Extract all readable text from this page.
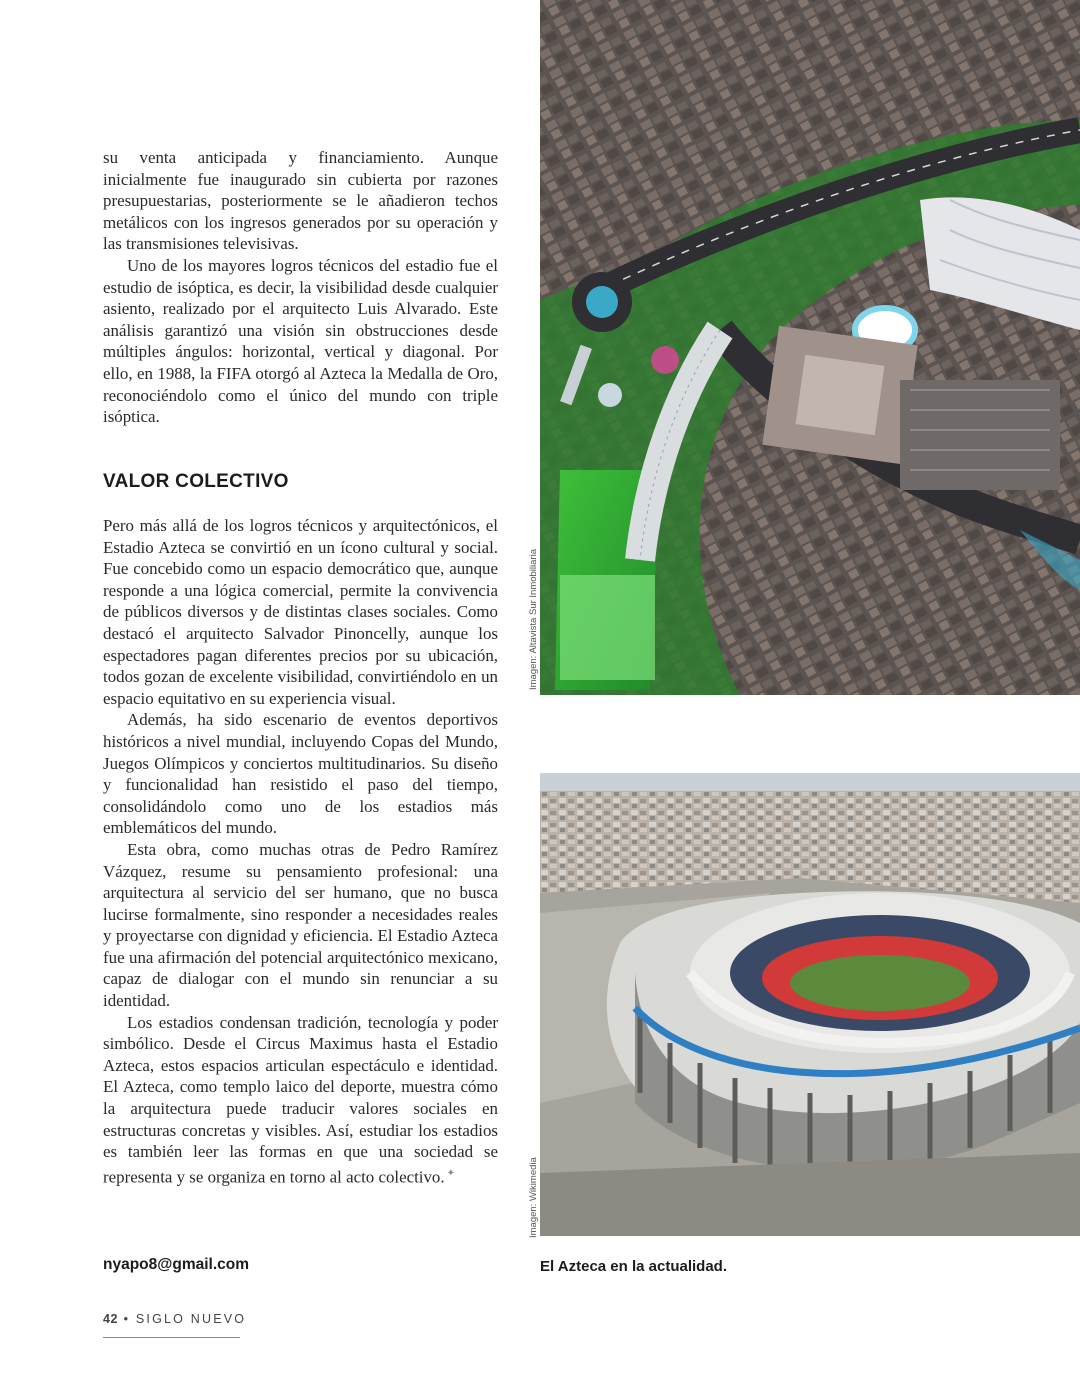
su venta anticipada y financiamiento. Aunque inicialmente fue inaugurado sin cubierta por razones presupuestarias, posteriormente se le añadieron techos metálicos con los ingresos generados por su operación y las transmisiones televisivas.

Uno de los mayores logros técnicos del estadio fue el estudio de isóptica, es decir, la visibilidad desde cualquier asiento, realizado por el arquitecto Luis Alvarado. Este análisis garantizó una visión sin obstrucciones desde múltiples ángulos: horizontal, vertical y diagonal. Por ello, en 1988, la FIFA otorgó al Azteca la Medalla de Oro, reconociéndolo como el único del mundo con triple isóptica.

VALOR COLECTIVO

Pero más allá de los logros técnicos y arquitectónicos, el Estadio Azteca se convirtió en un ícono cultural y social. Fue concebido como un espacio democrático que, aunque responde a una lógica comercial, permite la convivencia de públicos diversos y de distintas clases sociales. Como destacó el arquitecto Salvador Pinoncelly, aunque los espectadores pagan diferentes precios por su ubicación, todos gozan de excelente visibilidad, convirtiéndolo en un espacio equitativo en su experiencia visual.

Además, ha sido escenario de eventos deportivos históricos a nivel mundial, incluyendo Copas del Mundo, Juegos Olímpicos y conciertos multitudinarios. Su diseño y funcionalidad han resistido el paso del tiempo, consolidándolo como uno de los estadios más emblemáticos del mundo.

Esta obra, como muchas otras de Pedro Ramírez Vázquez, resume su pensamiento profesional: una arquitectura al servicio del ser humano, que no busca lucirse formalmente, sino responder a necesidades reales y proyectarse con dignidad y eficiencia. El Estadio Azteca fue una afirmación del potencial arquitectónico mexicano, capaz de dialogar con el mundo sin renunciar a su identidad.

Los estadios condensan tradición, tecnología y poder simbólico. Desde el Circus Maximus hasta el Estadio Azteca, estos espacios articulan espectáculo e identidad. El Azteca, como templo laico del deporte, muestra cómo la arquitectura puede traducir valores sociales en estructuras concretas y visibles. Así, estudiar los estadios es también leer las formas en que una sociedad se representa y se organiza en torno al acto colectivo. ✦

nyapo8@gmail.com
42 • SIGLO NUEVO
Imagen: Altavista Sur Inmobiliaria
Imagen: Wikimedia
El Azteca en la actualidad.
